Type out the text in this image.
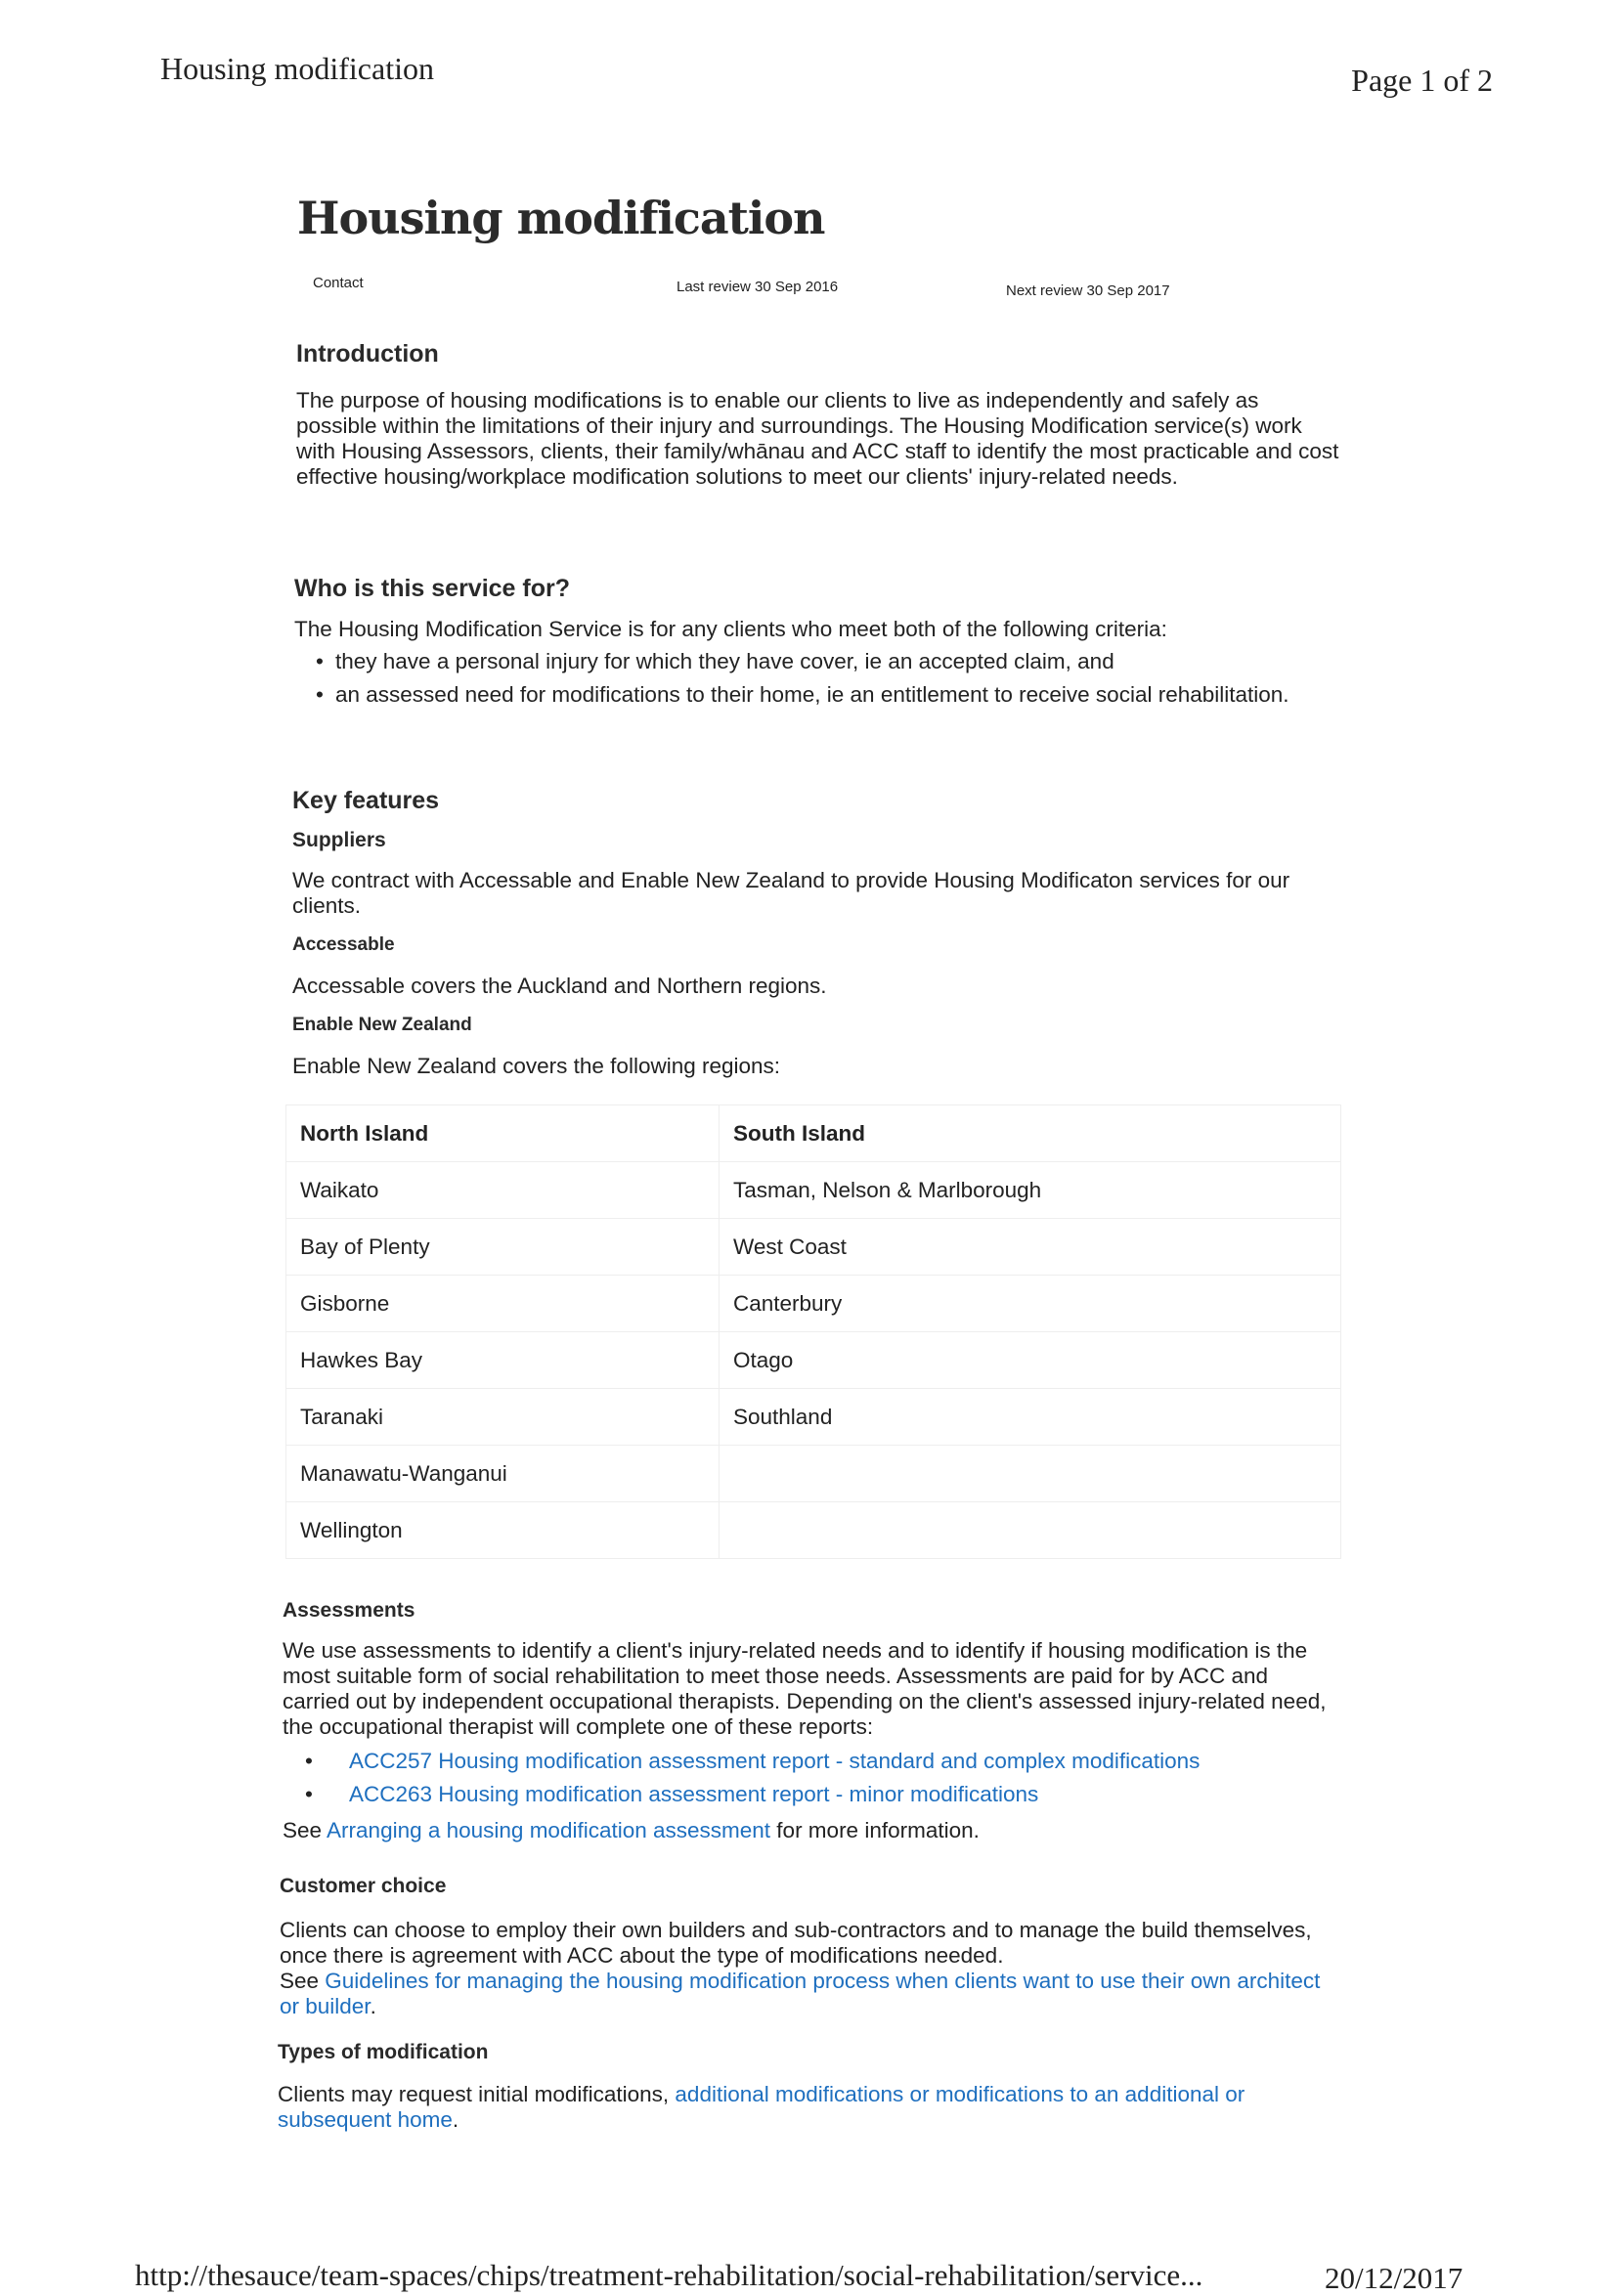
Housing modification	Page 1 of 2
Housing modification
Contact	Last review 30 Sep 2016	Next review 30 Sep 2017
Introduction

The purpose of housing modifications is to enable our clients to live as independently and safely as possible within the limitations of their injury and surroundings. The Housing Modification service(s) work with Housing Assessors, clients, their family/whānau and ACC staff to identify the most practicable and cost effective housing/workplace modification solutions to meet our clients' injury-related needs.

Who is this service for?

The Housing Modification Service is for any clients who meet both of the following criteria:

• they have a personal injury for which they have cover, ie an accepted claim, and
• an assessed need for modifications to their home, ie an entitlement to receive social rehabilitation.
Key features
Suppliers

We contract with Accessable and Enable New Zealand to provide Housing Modificaton services for our clients.

Accessable

Accessable covers the Auckland and Northern regions.

Enable New Zealand

Enable New Zealand covers the following regions:

North Island	South Island
Waikato	Tasman, Nelson & Marlborough
Bay of Plenty	West Coast
Gisborne	Canterbury
Hawkes Bay	Otago
Taranaki	Southland
Manawatu-Wanganui	
Wellington	
Assessments

We use assessments to identify a client's injury-related needs and to identify if housing modification is the most suitable form of social rehabilitation to meet those needs. Assessments are paid for by ACC and carried out by independent occupational therapists. Depending on the client's assessed injury-related need, the occupational therapist will complete one of these reports:

• ACC257 Housing modification assessment report - standard and complex modifications
• ACC263 Housing modification assessment report - minor modifications

See Arranging a housing modification assessment for more information.

Customer choice

Clients can choose to employ their own builders and sub-contractors and to manage the build themselves, once there is agreement with ACC about the type of modifications needed.

See Guidelines for managing the housing modification process when clients want to use their own architect or builder.

Types of modification

Clients may request initial modifications, additional modifications or modifications to an additional or subsequent home.

http://thesauce/team-spaces/chips/treatment-rehabilitation/social-rehabilitation/service...	20/12/2017
